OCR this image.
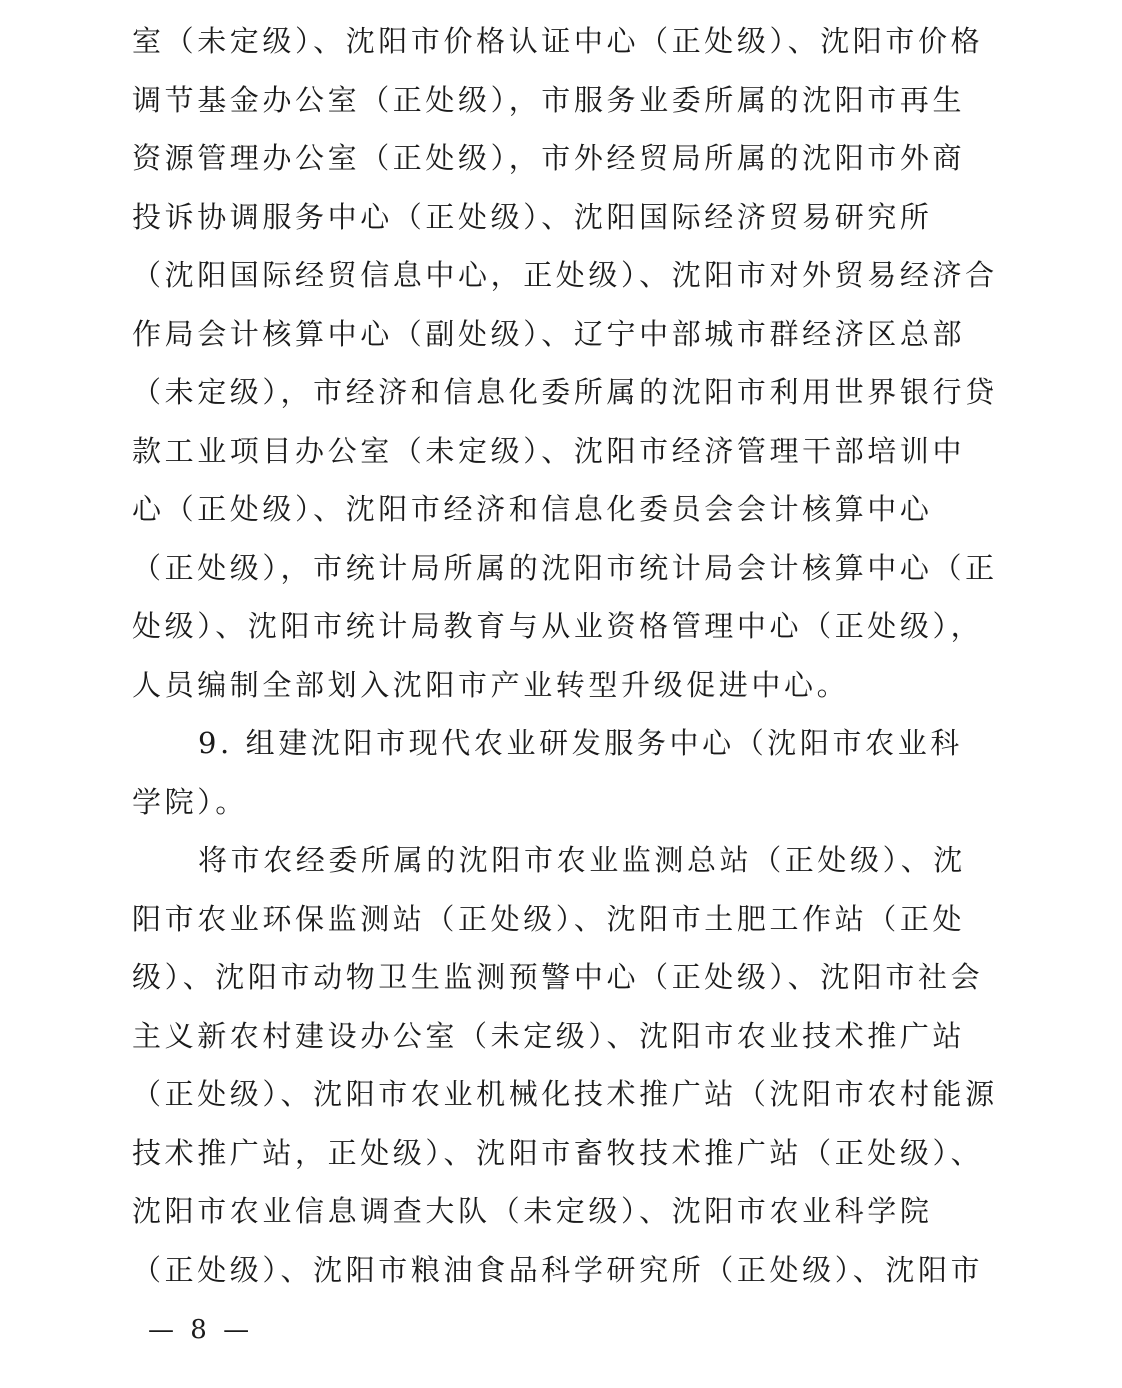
室（未定级）、沈阳市价格认证中心（正处级）、沈阳市价格
调节基金办公室（正处级），市服务业委所属的沈阳市再生
资源管理办公室（正处级），市外经贸局所属的沈阳市外商
投诉协调服务中心（正处级）、沈阳国际经济贸易研究所
（沈阳国际经贸信息中心，正处级）、沈阳市对外贸易经济合
作局会计核算中心（副处级）、辽宁中部城市群经济区总部
（未定级），市经济和信息化委所属的沈阳市利用世界银行贷
款工业项目办公室（未定级）、沈阳市经济管理干部培训中
心（正处级）、沈阳市经济和信息化委员会会计核算中心
（正处级），市统计局所属的沈阳市统计局会计核算中心（正
处级）、沈阳市统计局教育与从业资格管理中心（正处级），
人员编制全部划入沈阳市产业转型升级促进中心。
9. 组建沈阳市现代农业研发服务中心（沈阳市农业科
学院）。
将市农经委所属的沈阳市农业监测总站（正处级）、沈
阳市农业环保监测站（正处级）、沈阳市土肥工作站（正处
级）、沈阳市动物卫生监测预警中心（正处级）、沈阳市社会
主义新农村建设办公室（未定级）、沈阳市农业技术推广站
（正处级）、沈阳市农业机械化技术推广站（沈阳市农村能源
技术推广站，正处级）、沈阳市畜牧技术推广站（正处级）、
沈阳市农业信息调查大队（未定级）、沈阳市农业科学院
（正处级）、沈阳市粮油食品科学研究所（正处级）、沈阳市
— 8 —
